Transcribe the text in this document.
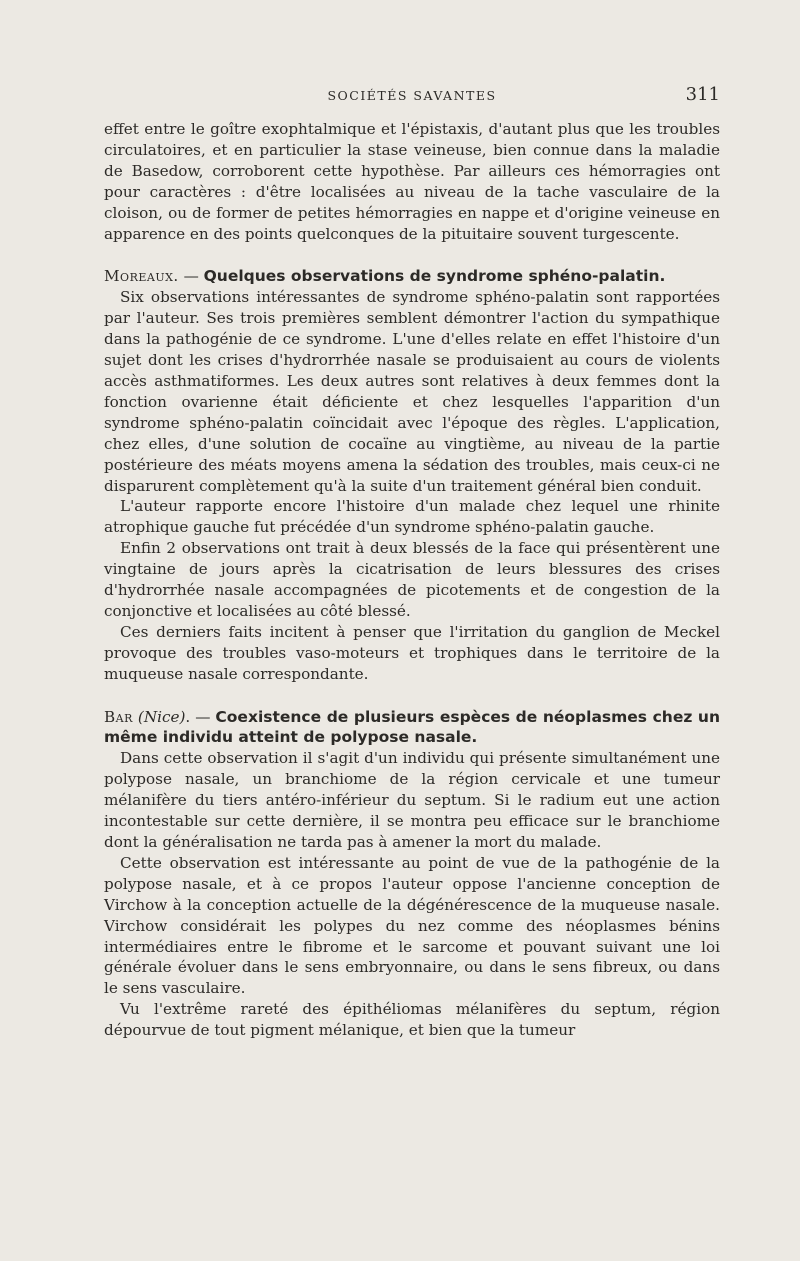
SOCIÉTÉS SAVANTES	311

effet entre le goître exophtalmique et l'épistaxis, d'autant plus que les troubles circulatoires, et en particulier la stase veineuse, bien connue dans la maladie de Basedow, corroborent cette hypothèse. Par ailleurs ces hémorragies ont pour caractères : d'être localisées au niveau de la tache vasculaire de la cloison, ou de former de petites hémorragies en nappe et d'origine veineuse en apparence en des points quelconques de la pituitaire souvent turgescente.

Moreaux. — Quelques observations de syndrome sphéno-palatin.

Six observations intéressantes de syndrome sphéno-palatin sont rapportées par l'auteur. Ses trois premières semblent démontrer l'action du sympathique dans la pathogénie de ce syndrome. L'une d'elles relate en effet l'histoire d'un sujet dont les crises d'hydrorrhée nasale se produisaient au cours de violents accès asthmatiformes. Les deux autres sont relatives à deux femmes dont la fonction ovarienne était déficiente et chez lesquelles l'apparition d'un syndrome sphéno-palatin coïncidait avec l'époque des règles. L'application, chez elles, d'une solution de cocaïne au vingtième, au niveau de la partie postérieure des méats moyens amena la sédation des troubles, mais ceux-ci ne disparurent complètement qu'à la suite d'un traitement général bien conduit.

L'auteur rapporte encore l'histoire d'un malade chez lequel une rhinite atrophique gauche fut précédée d'un syndrome sphéno-palatin gauche.

Enfin 2 observations ont trait à deux blessés de la face qui présentèrent une vingtaine de jours après la cicatrisation de leurs blessures des crises d'hydrorrhée nasale accompagnées de picotements et de congestion de la conjonctive et localisées au côté blessé.

Ces derniers faits incitent à penser que l'irritation du ganglion de Meckel provoque des troubles vaso-moteurs et trophiques dans le territoire de la muqueuse nasale correspondante.

Bar (Nice). — Coexistence de plusieurs espèces de néoplasmes chez un même individu atteint de polypose nasale.

Dans cette observation il s'agit d'un individu qui présente simultanément une polypose nasale, un branchiome de la région cervicale et une tumeur mélanifère du tiers antéro-inférieur du septum. Si le radium eut une action incontestable sur cette dernière, il se montra peu efficace sur le branchiome dont la généralisation ne tarda pas à amener la mort du malade.

Cette observation est intéressante au point de vue de la pathogénie de la polypose nasale, et à ce propos l'auteur oppose l'ancienne conception de Virchow à la conception actuelle de la dégénérescence de la muqueuse nasale. Virchow considérait les polypes du nez comme des néoplasmes bénins intermédiaires entre le fibrome et le sarcome et pouvant suivant une loi générale évoluer dans le sens embryonnaire, ou dans le sens fibreux, ou dans le sens vasculaire.

Vu l'extrême rareté des épithéliomas mélanifères du septum, région dépourvue de tout pigment mélanique, et bien que la tumeur
